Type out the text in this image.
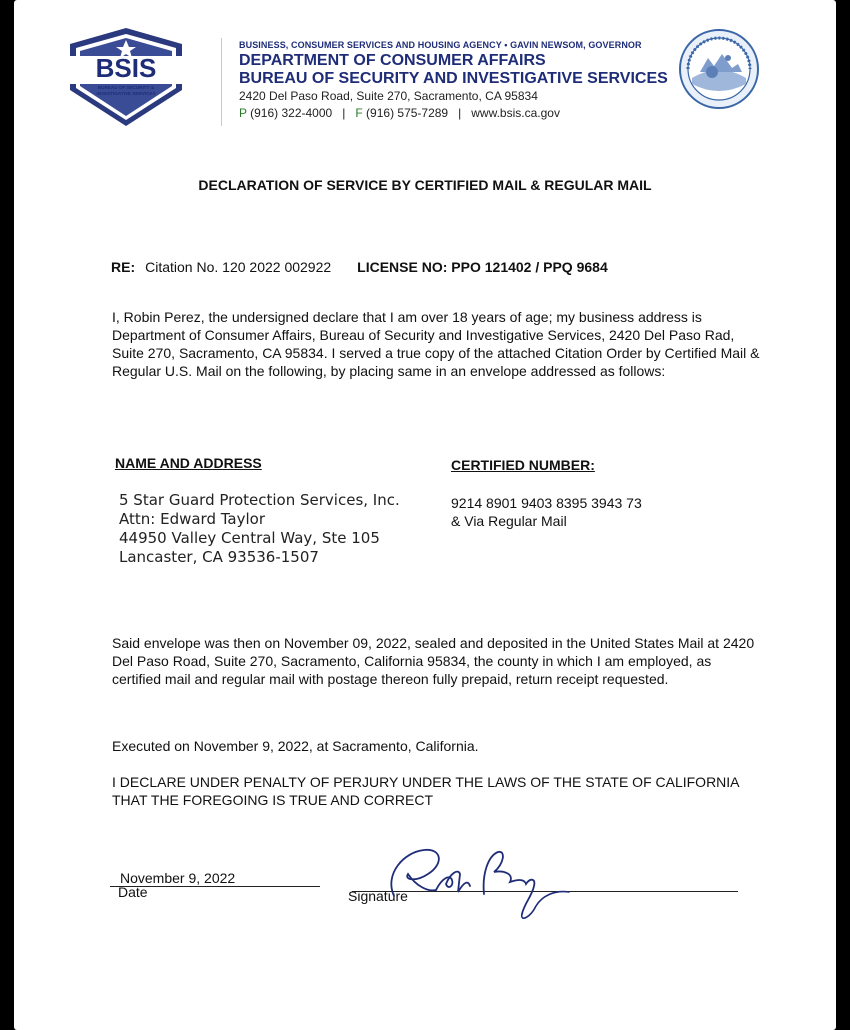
BSIS
BUREAU OF SECURITY &
INVESTIGATIVE SERVICES
BUSINESS, CONSUMER SERVICES AND HOUSING AGENCY • GAVIN NEWSOM, GOVERNOR
DEPARTMENT OF CONSUMER AFFAIRS
BUREAU OF SECURITY AND INVESTIGATIVE SERVICES
2420 Del Paso Road, Suite 270, Sacramento, CA 95834
P (916) 322-4000 | F (916) 575-7289 | www.bsis.ca.gov
DECLARATION OF SERVICE BY CERTIFIED MAIL & REGULAR MAIL
RE: Citation No. 120 2022 002922 LICENSE NO: PPO 121402 / PPQ 9684
I, Robin Perez, the undersigned declare that I am over 18 years of age; my business address is Department of Consumer Affairs, Bureau of Security and Investigative Services, 2420 Del Paso Rad, Suite 270, Sacramento, CA 95834. I served a true copy of the attached Citation Order by Certified Mail & Regular U.S. Mail on the following, by placing same in an envelope addressed as follows:
NAME AND ADDRESS	CERTIFIED NUMBER:
5 Star Guard Protection Services, Inc.
Attn: Edward Taylor
44950 Valley Central Way, Ste 105
Lancaster, CA 93536-1507
9214 8901 9403 8395 3943 73
& Via Regular Mail
Said envelope was then on November 09, 2022, sealed and deposited in the United States Mail at 2420 Del Paso Road, Suite 270, Sacramento, California 95834, the county in which I am employed, as certified mail and regular mail with postage thereon fully prepaid, return receipt requested.
Executed on November 9, 2022, at Sacramento, California.
I DECLARE UNDER PENALTY OF PERJURY UNDER THE LAWS OF THE STATE OF CALIFORNIA THAT THE FOREGOING IS TRUE AND CORRECT
November 9, 2022
Date	Signature
